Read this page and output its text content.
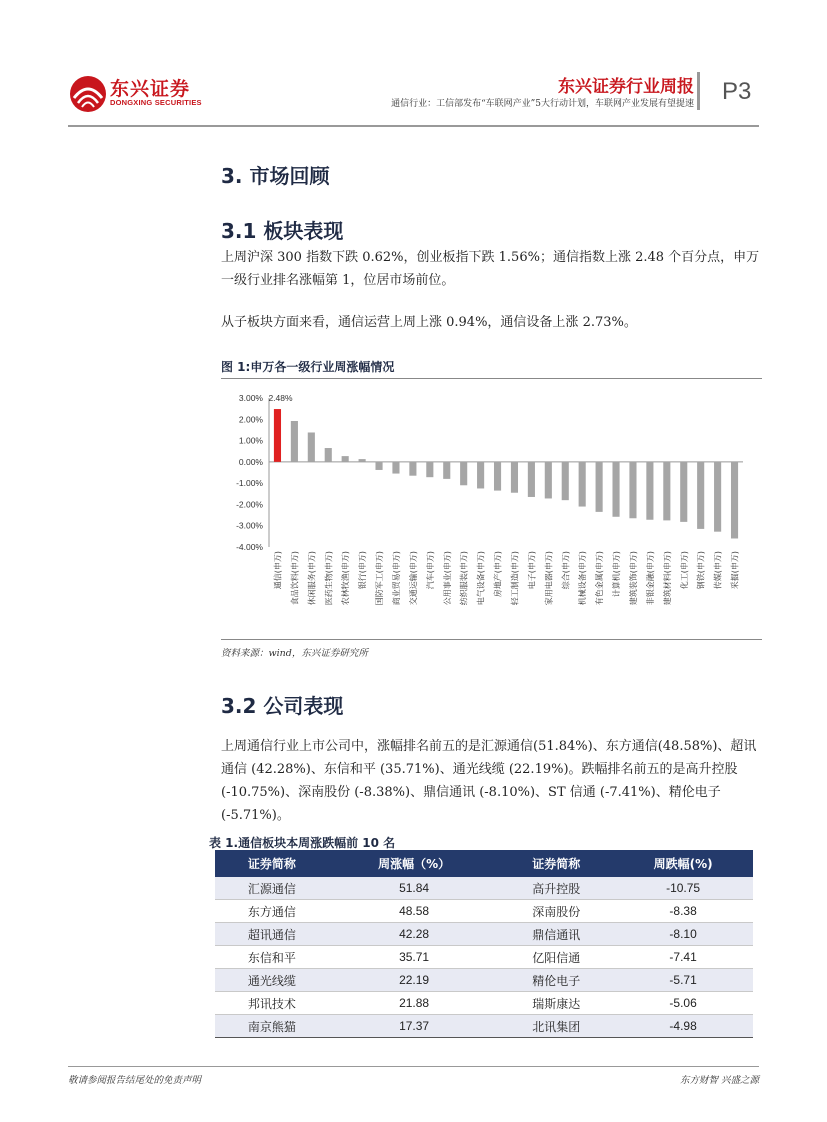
东兴证券
DONGXING SECURITIES
东兴证券行业周报
通信行业：工信部发布“车联网产业”5大行动计划，车联网产业发展有望提速 P3
3. 市场回顾
3.1 板块表现

上周沪深 300 指数下跌 0.62%，创业板指下跌 1.56%；通信指数上涨 2.48 个百分点，申万一级行业排名涨幅第 1，位居市场前位。

从子板块方面来看，通信运营上周上涨 0.94%，通信设备上涨 2.73%。

图 1:申万各一级行业周涨幅情况
3.00%
2.00%
1.00%
0.00%
-1.00%
-2.00%
-3.00%
-4.00%
通信(申万) 食品饮料(申万) 休闲服务(申万) 医药生物(申万) 农林牧渔(申万) 银行(申万) 国防军工(申万) 商业贸易(申万) 交通运输(申万) 汽车(申万) 公用事业(申万) 纺织服装(申万) 电气设备(申万) 房地产(申万) 轻工制造(申万) 电子(申万) 家用电器(申万) 综合(申万) 机械设备(申万) 有色金属(申万) 计算机(申万) 建筑装饰(申万) 非银金融(申万) 建筑材料(申万) 化工(申万) 钢铁(申万) 传媒(申万) 采掘(申万)
2.48%
资料来源：wind，东兴证券研究所
3.2 公司表现

上周通信行业上市公司中，涨幅排名前五的是汇源通信(51.84%)、东方通信(48.58%)、超讯通信 (42.28%)、东信和平 (35.71%)、通光线缆 (22.19%)。跌幅排名前五的是高升控股 (-10.75%)、深南股份 (-8.38%)、鼎信通讯 (-8.10%)、ST 信通 (-7.41%)、精伦电子 (-5.71%)。

表 1.通信板块本周涨跌幅前 10 名
证券简称	周涨幅（%）	证券简称	周跌幅(%)
汇源通信	51.84	高升控股	-10.75
东方通信	48.58	深南股份	-8.38
超讯通信	42.28	鼎信通讯	-8.10
东信和平	35.71	亿阳信通	-7.41
通光线缆	22.19	精伦电子	-5.71
邦讯技术	21.88	瑞斯康达	-5.06
南京熊猫	17.37	北讯集团	-4.98
敬请参阅报告结尾处的免责声明	东方财智 兴盛之源
